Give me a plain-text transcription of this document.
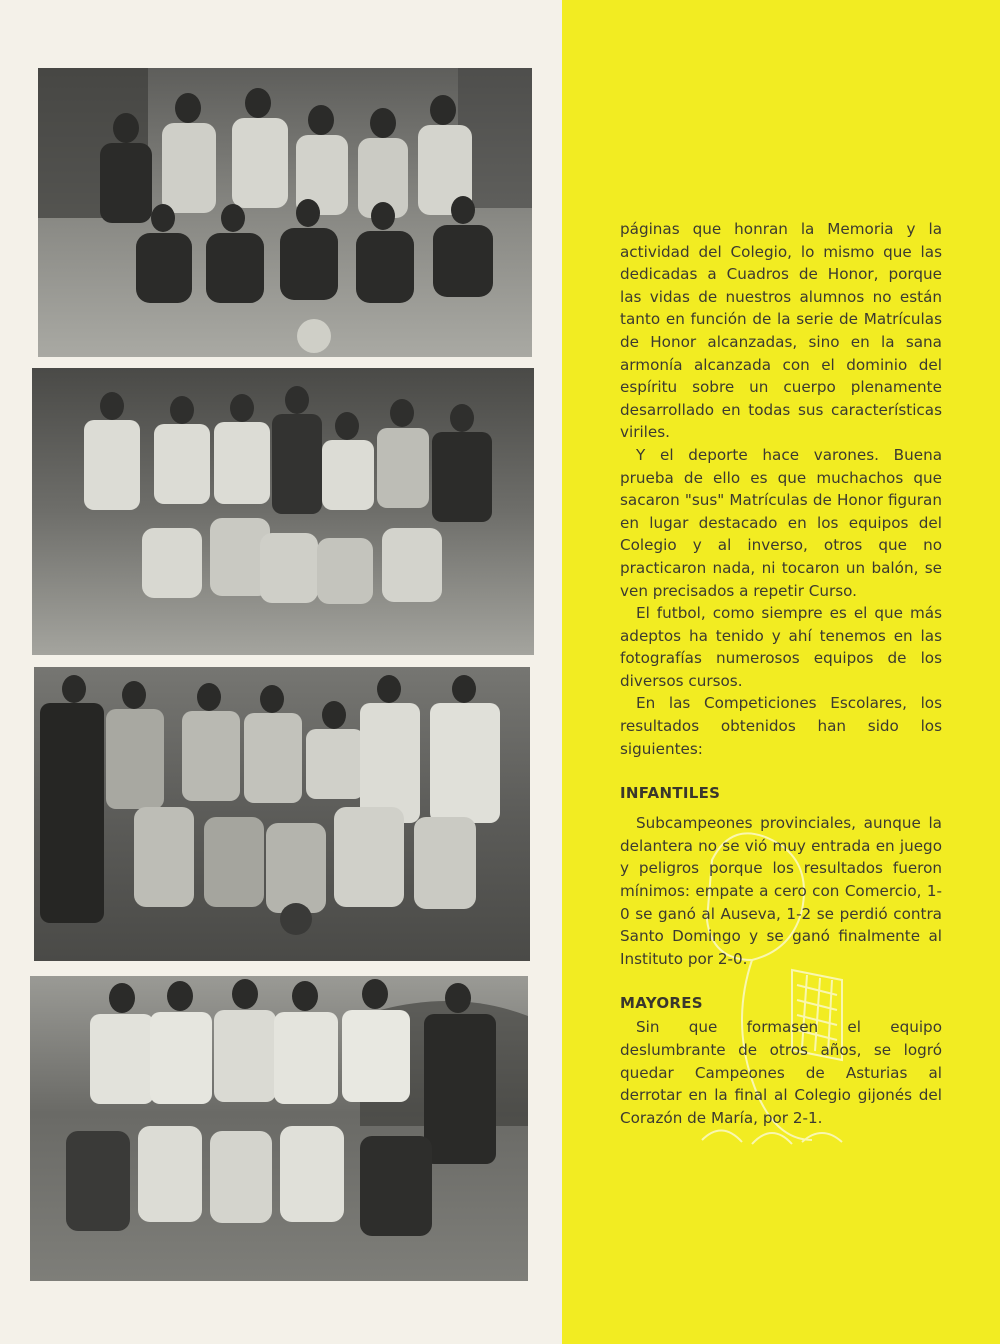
páginas que honran la Memoria y la actividad del Colegio, lo mismo que las dedicadas a Cuadros de Honor, porque las vidas de nuestros alumnos no están tanto en función de la serie de Matrículas de Honor alcanzadas, sino en la sana armonía alcanzada con el dominio del espíritu sobre un cuerpo plenamente desarrollado en todas sus características viriles.

Y el deporte hace varones. Buena prueba de ello es que muchachos que sacaron "sus" Matrículas de Honor figuran en lugar destacado en los equipos del Colegio y al inverso, otros que no practicaron nada, ni tocaron un balón, se ven precisados a repetir Curso.

El futbol, como siempre es el que más adeptos ha tenido y ahí tenemos en las fotografías numerosos equipos de los diversos cursos.

En las Competiciones Escolares, los resultados obtenidos han sido los siguientes:

INFANTILES

Subcampeones provinciales, aunque la delantera no se vió muy entrada en juego y peligros porque los resultados fueron mínimos: empate a cero con Comercio, 1-0 se ganó al Auseva, 1-2 se perdió contra Santo Domingo y se ganó finalmente al Instituto por 2-0.

MAYORES

Sin que formasen el equipo deslumbrante de otros años, se logró quedar Campeones de Asturias al derrotar en la final al Colegio gijonés del Corazón de María, por 2-1.
